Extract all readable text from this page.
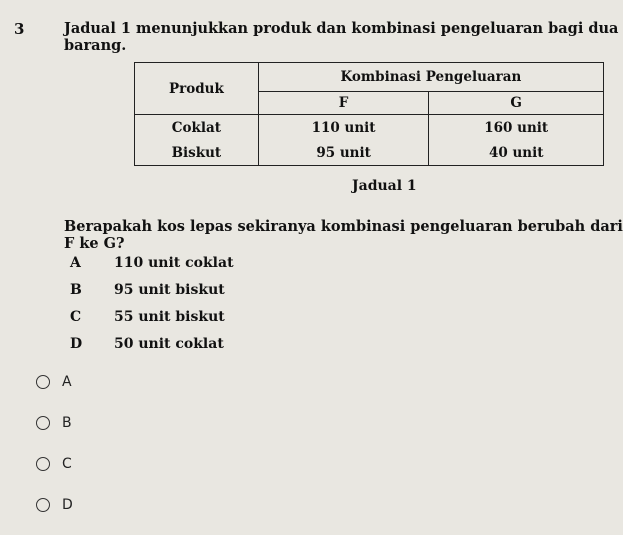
3	Jadual 1 menunjukkan produk dan kombinasi pengeluaran bagi dua barang.
Produk	Kombinasi Pengeluaran	
	F	G
Coklat	110 unit	160 unit
Biskut	95 unit	40 unit
Jadual 1
Berapakah kos lepas sekiranya kombinasi pengeluaran berubah dari F ke G?
A 110 unit coklat
B 95 unit biskut
C 55 unit biskut
D 50 unit coklat
A
B
C
D
